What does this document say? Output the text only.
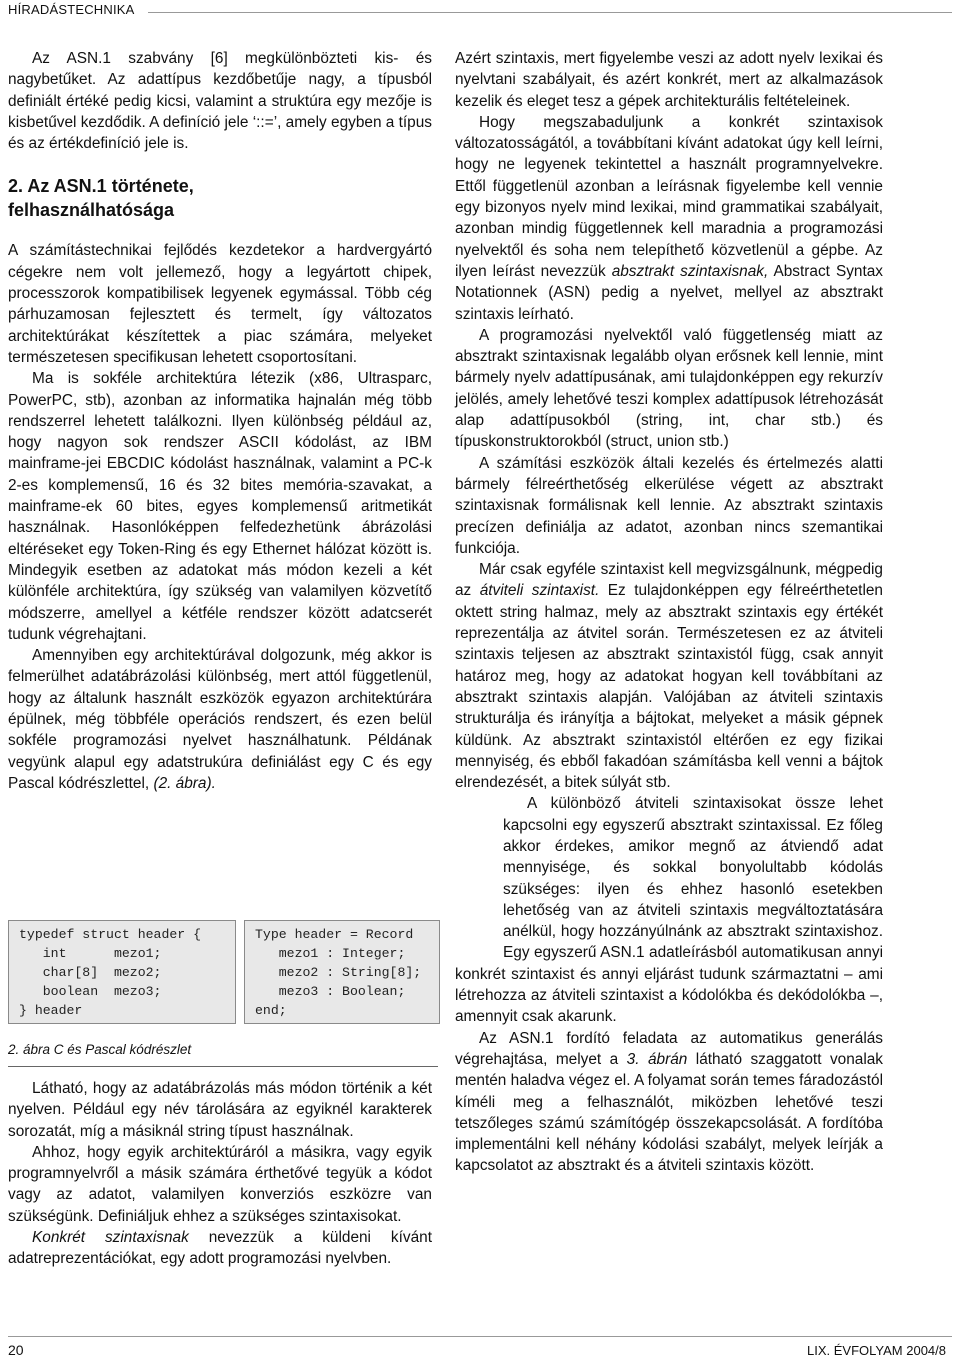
HÍRADÁSTECHNIKA

Az ASN.1 szabvány [6] megkülönbözteti kis- és nagybetűket. Az adattípus kezdőbetűje nagy, a típusból definiált értéké pedig kicsi, valamint a struktúra egy mezője is kisbetűvel kezdődik. A definíció jele ‘::=’, amely egyben a típus és az értékdefiníció jele is.

2. Az ASN.1 története,
felhasználhatósága

A számítástechnikai fejlődés kezdetekor a hardvergyártó cégekre nem volt jellemező, hogy a legyártott chipek, processzorok kompatibilisek legyenek egymással. Több cég párhuzamosan fejlesztett és termelt, így változatos architektúrákat készítettek a piac számára, melyeket természetesen specifikusan lehetett csoportosítani.

Ma is sokféle architektúra létezik (x86, Ultrasparc, PowerPC, stb), azonban az informatika hajnalán még több rendszerrel lehetett találkozni. Ilyen különbség például az, hogy nagyon sok rendszer ASCII kódolást, az IBM mainframe-jei EBCDIC kódolást használnak, valamint a PC-k 2-es komplemensű, 16 és 32 bites memória-szavakat, a mainframe-ek 60 bites, egyes komplemensű aritmetikát használnak. Hasonlóképpen felfedezhetünk ábrázolási eltéréseket egy Token-Ring és egy Ethernet hálózat között is. Mindegyik esetben az adatokat más módon kezeli a két különféle architektúra, így szükség van valamilyen közvetítő módszerre, amellyel a kétféle rendszer között adatcserét tudunk végrehajtani.

Amennyiben egy architektúrával dolgozunk, még akkor is felmerülhet adatábrázolási különbség, mert attól függetlenül, hogy az általunk használt eszközök egyazon architektúrára épülnek, még többféle operációs rendszert, és ezen belül sokféle programozási nyelvet használhatunk. Példának vegyünk alapul egy adatstrukúra definiálást egy C és egy Pascal kódrészlettel, (2. ábra).

typedef struct header {
int      mezo1;
char[8]  mezo2;
boolean  mezo3;
} header
Type header = Record
mezo1 : Integer;
mezo2 : String[8];
mezo3 : Boolean;
end;
2. ábra C és Pascal kódrészlet

Látható, hogy az adatábrázolás más módon történik a két nyelven. Például egy név tárolására az egyiknél karakterek sorozatát, míg a másiknál string típust használnak.

Ahhoz, hogy egyik architektúráról a másikra, vagy egyik programnyelvről a másik számára érthetővé tegyük a kódot vagy az adatot, valamilyen konverziós eszközre van szükségünk. Definiáljuk ehhez a szükséges szintaxisokat.

Konkrét szintaxisnak nevezzük a küldeni kívánt adatreprezentációkat, egy adott programozási nyelvben.

Azért szintaxis, mert figyelembe veszi az adott nyelv lexikai és nyelvtani szabályait, és azért konkrét, mert az alkalmazások kezelik és eleget tesz a gépek architekturális feltételeinek.

Hogy megszabaduljunk a konkrét szintaxisok változatosságától, a továbbítani kívánt adatokat úgy kell leírni, hogy ne legyenek tekintettel a használt programnyelvekre. Ettől függetlenül azonban a leírásnak figyelembe kell vennie egy bizonyos nyelv mind lexikai, mind grammatikai szabályait, azonban mindig függetlennek kell maradnia a programozási nyelvektől és soha nem telepíthető közvetlenül a gépbe. Az ilyen leírást nevezzük absztrakt szintaxisnak, Abstract Syntax Notationnek (ASN) pedig a nyelvet, mellyel az absztrakt szintaxis leírható.

A programozási nyelvektől való függetlenség miatt az absztrakt szintaxisnak legalább olyan erősnek kell lennie, mint bármely nyelv adattípusának, ami tulajdonképpen egy rekurzív jelölés, amely lehetővé teszi komplex adattípusok létrehozását alap adattípusokból (string, int, char stb.) és típuskonstruktorokból (struct, union stb.)

A számítási eszközök általi kezelés és értelmezés alatti bármely félreérthetőség elkerülése végett az absztrakt szintaxisnak formálisnak kell lennie. Az absztrakt szintaxis precízen definiálja az adatot, azonban nincs szemantikai funkciója.

Már csak egyféle szintaxist kell megvizsgálnunk, mégpedig az átviteli szintaxist. Ez tulajdonképpen egy félreérthetetlen oktett string halmaz, mely az absztrakt szintaxis egy értékét reprezentálja az átvitel során. Természetesen ez az átviteli szintaxis teljesen az absztrakt szintaxistól függ, csak annyit határoz meg, hogy az adatokat hogyan kell továbbítani az absztrakt szintaxis alapján. Valójában az átviteli szintaxis strukturálja és irányítja a bájtokat, melyeket a másik gépnek küldünk. Az absztrakt szintaxistól eltérően ez egy fizikai mennyiség, és ebből fakadóan számításba kell venni a bájtok elrendezését, a bitek súlyát stb.

A különböző átviteli szintaxisokat össze lehet kapcsolni egy egyszerű absztrakt szintaxissal. Ez főleg akkor érdekes, amikor megnő az átviendő adat mennyisége, és sokkal bonyolultabb kódolás szükséges: ilyen és ehhez hasonló esetekben lehetőség van az átviteli szintaxis megváltoztatására anélkül, hogy hozzányúlnánk az absztrakt szintaxishoz. Egy egyszerű ASN.1 adatleírásból automatikusan annyi konkrét szintaxist és annyi eljárást tudunk származtatni – ami létrehozza az átviteli szintaxist a kódolókba és dekódolókba –, amennyit csak akarunk.

Az ASN.1 fordító feladata az automatikus generálás végrehajtása, melyet a 3. ábrán látható szaggatott vonalak mentén haladva végez el. A folyamat során temes fáradozástól kíméli meg a felhasználót, miközben lehetővé teszi tetszőleges számú számítógép összekapcsolását. A fordítóba implementálni kell néhány kódolási szabályt, melyek leírják a kapcsolatot az absztrakt és a átviteli szintaxis között.

20	LIX. ÉVFOLYAM 2004/8
